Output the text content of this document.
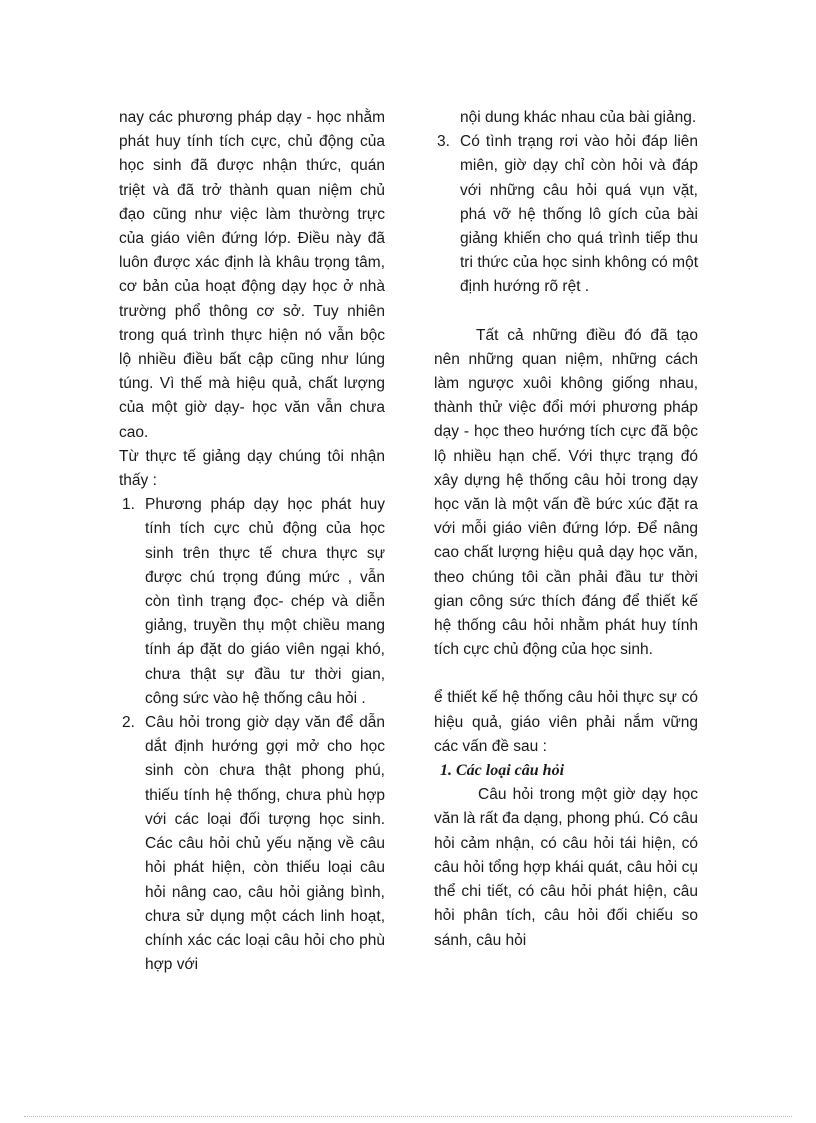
nay các phương pháp dạy - học nhằm phát huy tính tích cực, chủ động của học sinh đã được nhận thức, quán triệt và đã trở thành quan niệm chủ đạo cũng như việc làm thường trực của giáo viên đứng lớp. Điều này đã luôn được xác định là khâu trọng tâm, cơ bản của hoạt động dạy học ở nhà trường phổ thông cơ sở. Tuy nhiên trong quá trình thực hiện nó vẫn bộc lộ nhiều điều bất cập cũng như lúng túng. Vì thế mà hiệu quả, chất lượng của một giờ dạy- học văn vẫn chưa cao.

Từ thực tế giảng dạy chúng tôi nhận thấy :

1. Phương pháp dạy học phát huy tính tích cực chủ động của học sinh trên thực tế chưa thực sự được chú trọng đúng mức , vẫn còn tình trạng đọc- chép và diễn giảng, truyền thụ một chiều mang tính áp đặt do giáo viên ngại khó, chưa thật sự đầu tư thời gian, công sức vào hệ thống câu hỏi .
2. Câu hỏi trong giờ dạy văn để dẫn dắt định hướng gợi mở cho học sinh còn chưa thật phong phú, thiếu tính hệ thống, chưa phù hợp với các loại đối tượng học sinh. Các câu hỏi chủ yếu nặng về câu hỏi phát hiện, còn thiếu loại câu hỏi nâng cao, câu hỏi giảng bình, chưa sử dụng một cách linh hoạt, chính xác các loại câu hỏi cho phù hợp với

nội dung khác nhau của bài giảng.

3. Có tình trạng rơi vào hỏi đáp liên miên, giờ dạy chỉ còn hỏi và đáp với những câu hỏi quá vụn vặt, phá vỡ hệ thống lô gích của bài giảng khiến cho quá trình tiếp thu tri thức của học sinh không có một định hướng rõ rệt .

Tất cả những điều đó đã tạo nên những quan niệm, những cách làm ngược xuôi không giống nhau, thành thử việc đổi mới phương pháp dạy - học theo hướng tích cực đã bộc lộ nhiều hạn chế. Với thực trạng đó xây dựng hệ thống câu hỏi trong dạy học văn là một vấn đề bức xúc đặt ra với mỗi giáo viên đứng lớp. Để nâng cao chất lượng hiệu quả dạy học văn, theo chúng tôi cần phải đầu tư thời gian công sức thích đáng để thiết kế hệ thống câu hỏi nhằm phát huy tính tích cực chủ động của học sinh.

ể thiết kế hệ thống câu hỏi thực sự có hiệu quả, giáo viên phải nắm vững các vấn đề sau :

1. Các loại câu hỏi

Câu hỏi trong một giờ dạy học văn là rất đa dạng, phong phú. Có câu hỏi cảm nhận, có câu hỏi tái hiện, có câu hỏi tổng hợp khái quát, câu hỏi cụ thể chi tiết, có câu hỏi phát hiện, câu hỏi phân tích, câu hỏi đối chiếu so sánh, câu hỏi
